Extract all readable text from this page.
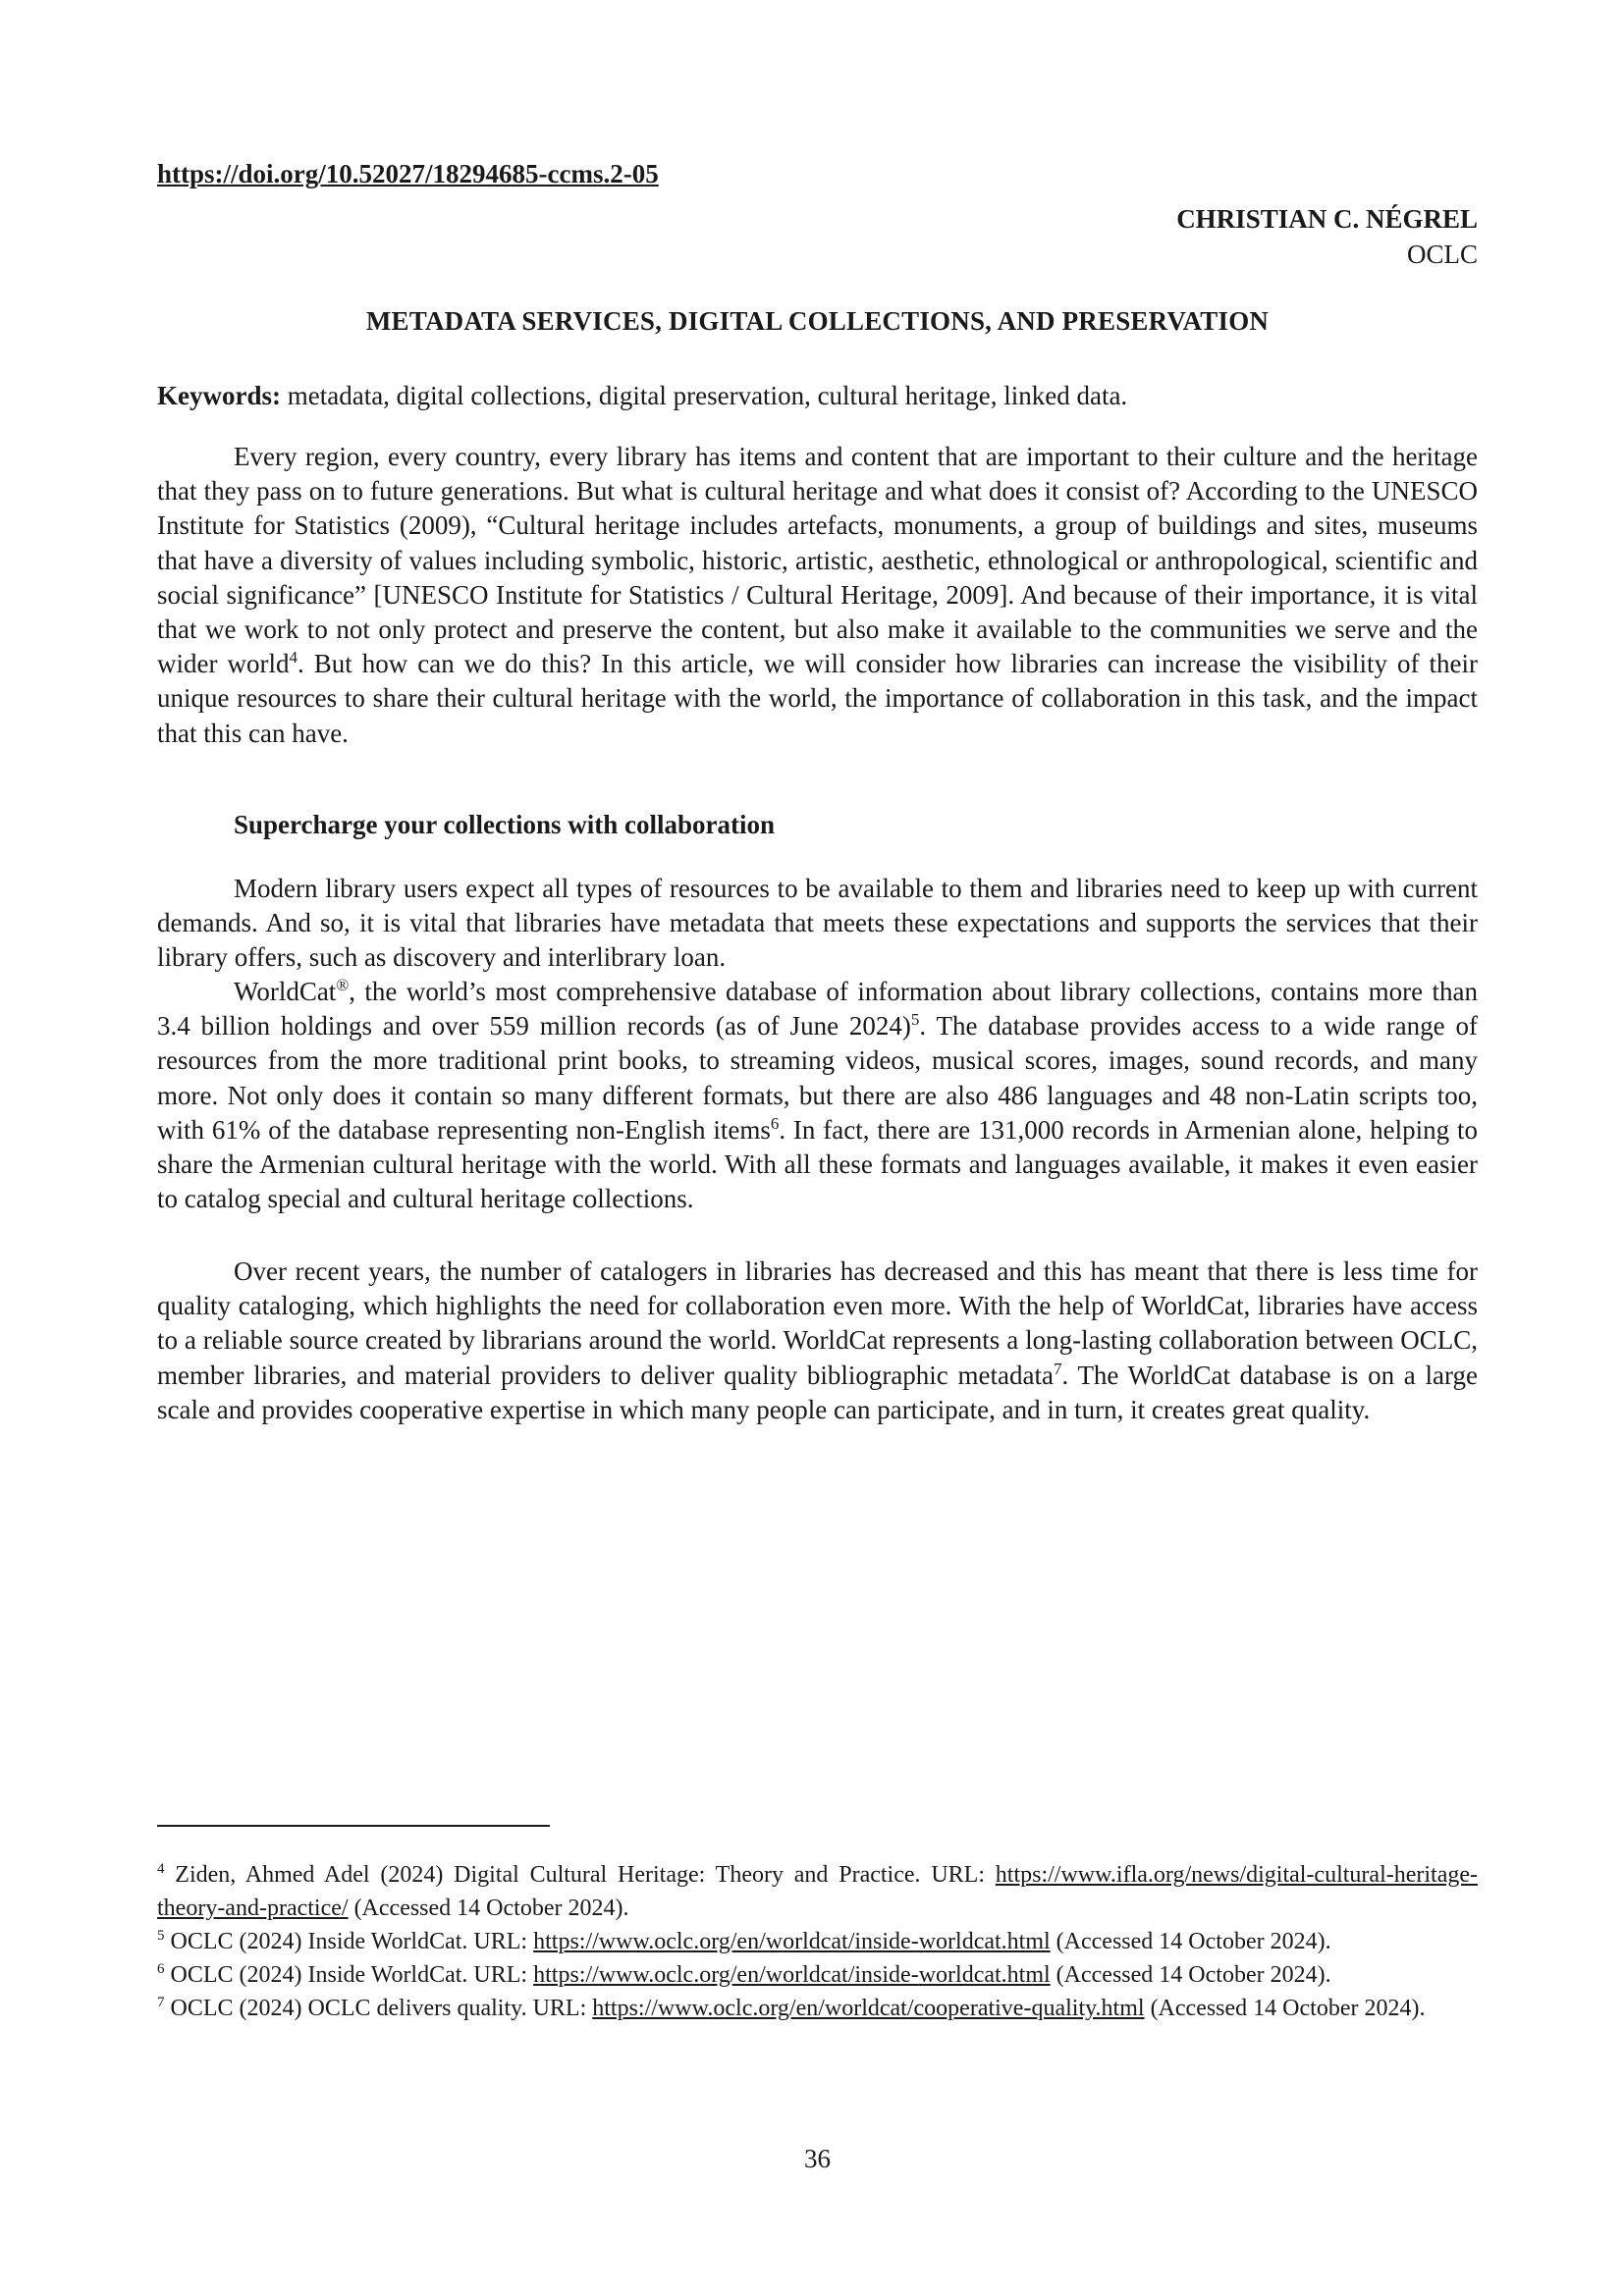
https://doi.org/10.52027/18294685-ccms.2-05
CHRISTIAN C. NÉGREL
OCLC
METADATA SERVICES, DIGITAL COLLECTIONS, AND PRESERVATION
Keywords: metadata, digital collections, digital preservation, cultural heritage, linked data.

Every region, every country, every library has items and content that are important to their culture and the heritage that they pass on to future generations. But what is cultural heritage and what does it consist of? According to the UNESCO Institute for Statistics (2009), “Cultural heritage includes artefacts, monuments, a group of buildings and sites, museums that have a diversity of values including symbolic, historic, artistic, aesthetic, ethnological or anthropological, scientific and social significance” [UNESCO Institute for Statistics / Cultural Heritage, 2009]. And because of their importance, it is vital that we work to not only protect and preserve the content, but also make it available to the communities we serve and the wider world$^4$. But how can we do this? In this article, we will consider how libraries can increase the visibility of their unique resources to share their cultural heritage with the world, the importance of collaboration in this task, and the impact that this can have.

Supercharge your collections with collaboration

Modern library users expect all types of resources to be available to them and libraries need to keep up with current demands. And so, it is vital that libraries have metadata that meets these expectations and supports the services that their library offers, such as discovery and interlibrary loan.

WorldCat®, the world’s most comprehensive database of information about library collections, contains more than 3.4 billion holdings and over 559 million records (as of June 2024)$^5$. The database provides access to a wide range of resources from the more traditional print books, to streaming videos, musical scores, images, sound records, and many more. Not only does it contain so many different formats, but there are also 486 languages and 48 non-Latin scripts too, with 61% of the database representing non-English items$^6$. In fact, there are 131,000 records in Armenian alone, helping to share the Armenian cultural heritage with the world. With all these formats and languages available, it makes it even easier to catalog special and cultural heritage collections.

Over recent years, the number of catalogers in libraries has decreased and this has meant that there is less time for quality cataloging, which highlights the need for collaboration even more. With the help of WorldCat, libraries have access to a reliable source created by librarians around the world. WorldCat represents a long-lasting collaboration between OCLC, member libraries, and material providers to deliver quality bibliographic metadata$^7$. The WorldCat database is on a large scale and provides cooperative expertise in which many people can participate, and in turn, it creates great quality.

$^4$ Ziden, Ahmed Adel (2024) Digital Cultural Heritage: Theory and Practice. URL: https://www.ifla.org/news/digital-cultural-heritage-theory-and-practice/ (Accessed 14 October 2024).

$^5$ OCLC (2024) Inside WorldCat. URL: https://www.oclc.org/en/worldcat/inside-worldcat.html (Accessed 14 October 2024).

$^6$ OCLC (2024) Inside WorldCat. URL: https://www.oclc.org/en/worldcat/inside-worldcat.html (Accessed 14 October 2024).

$^7$ OCLC (2024) OCLC delivers quality. URL: https://www.oclc.org/en/worldcat/cooperative-quality.html (Accessed 14 October 2024).

36
